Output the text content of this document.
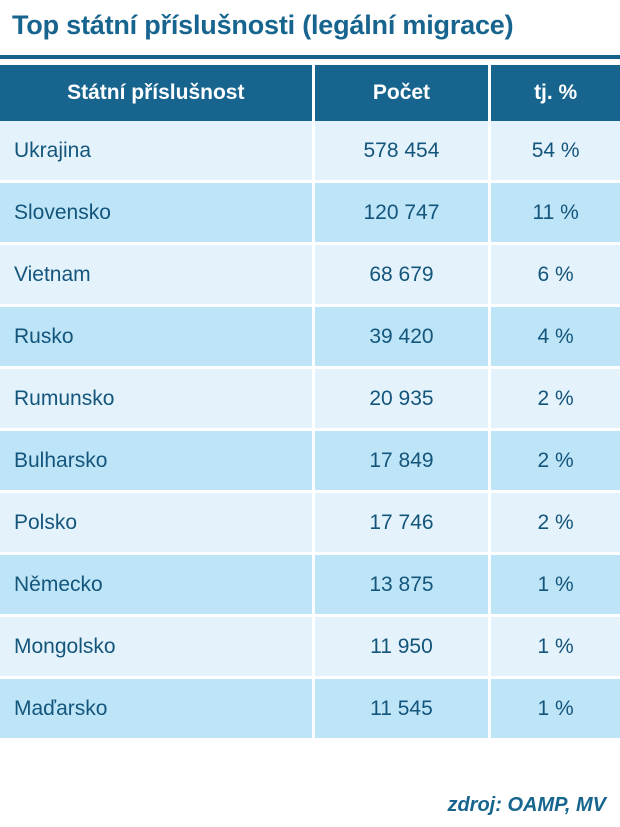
Top státní příslušnosti (legální migrace)
Státní příslušnost	Počet	tj. %
Ukrajina	578 454	54 %
Slovensko	120 747	11 %
Vietnam	68 679	6 %
Rusko	39 420	4 %
Rumunsko	20 935	2 %
Bulharsko	17 849	2 %
Polsko	17 746	2 %
Německo	13 875	1 %
Mongolsko	11 950	1 %
Maďarsko	11 545	1 %
zdroj: OAMP, MV
